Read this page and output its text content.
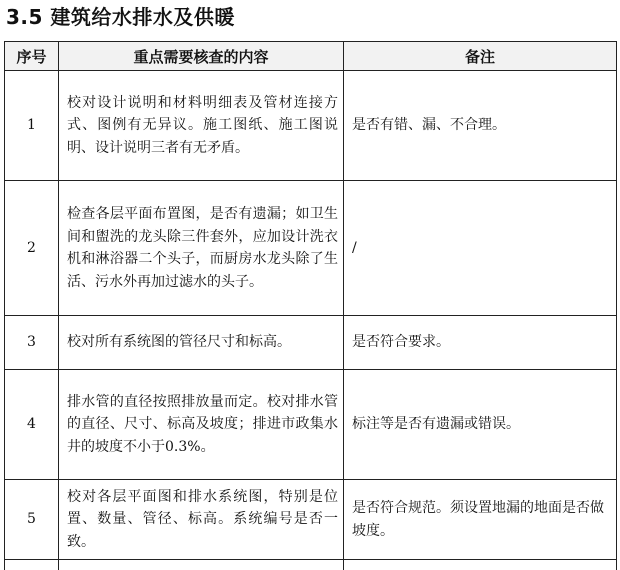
3.5 建筑给水排水及供暖
序号	重点需要核查的内容	备注
1	校对设计说明和材料明细表及管材连接方式、图例有无异议。施工图纸、施工图说明、设计说明三者有无矛盾。	是否有错、漏、不合理。
2	检查各层平面布置图，是否有遗漏；如卫生间和盥洗的龙头除三件套外，应加设计洗衣机和淋浴器二个头子，而厨房水龙头除了生活、污水外再加过滤水的头子。	/
3	校对所有系统图的管径尺寸和标高。	是否符合要求。
4	排水管的直径按照排放量而定。校对排水管的直径、尺寸、标高及坡度；排进市政集水井的坡度不小于0.3%。	标注等是否有遗漏或错误。
5	校对各层平面图和排水系统图，特别是位置、数量、管径、标高。系统编号是否一致。	是否符合规范。须设置地漏的地面是否做坡度。
